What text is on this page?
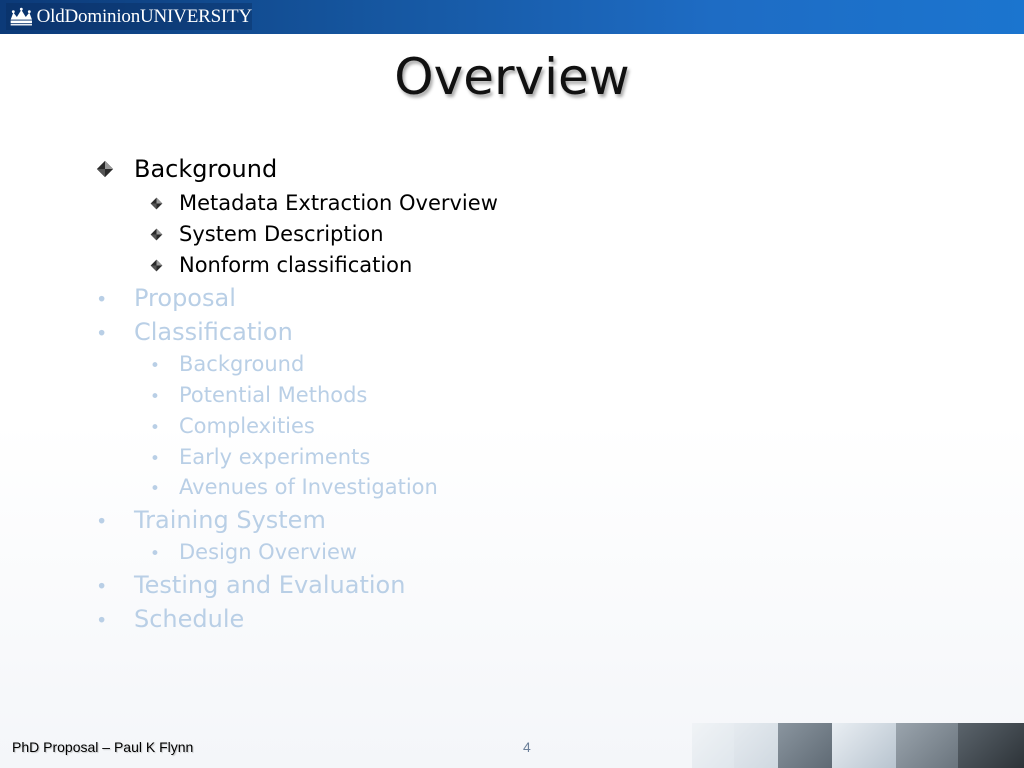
OldDominionUNIVERSITY
Overview
Background
Metadata Extraction Overview
System Description
Nonform classification
•	Proposal
•	Classification
• Background
• Potential Methods
• Complexities
• Early experiments
• Avenues of Investigation
•	Training System
• Design Overview
•	Testing and Evaluation
•	Schedule
PhD Proposal – Paul K Flynn	4
